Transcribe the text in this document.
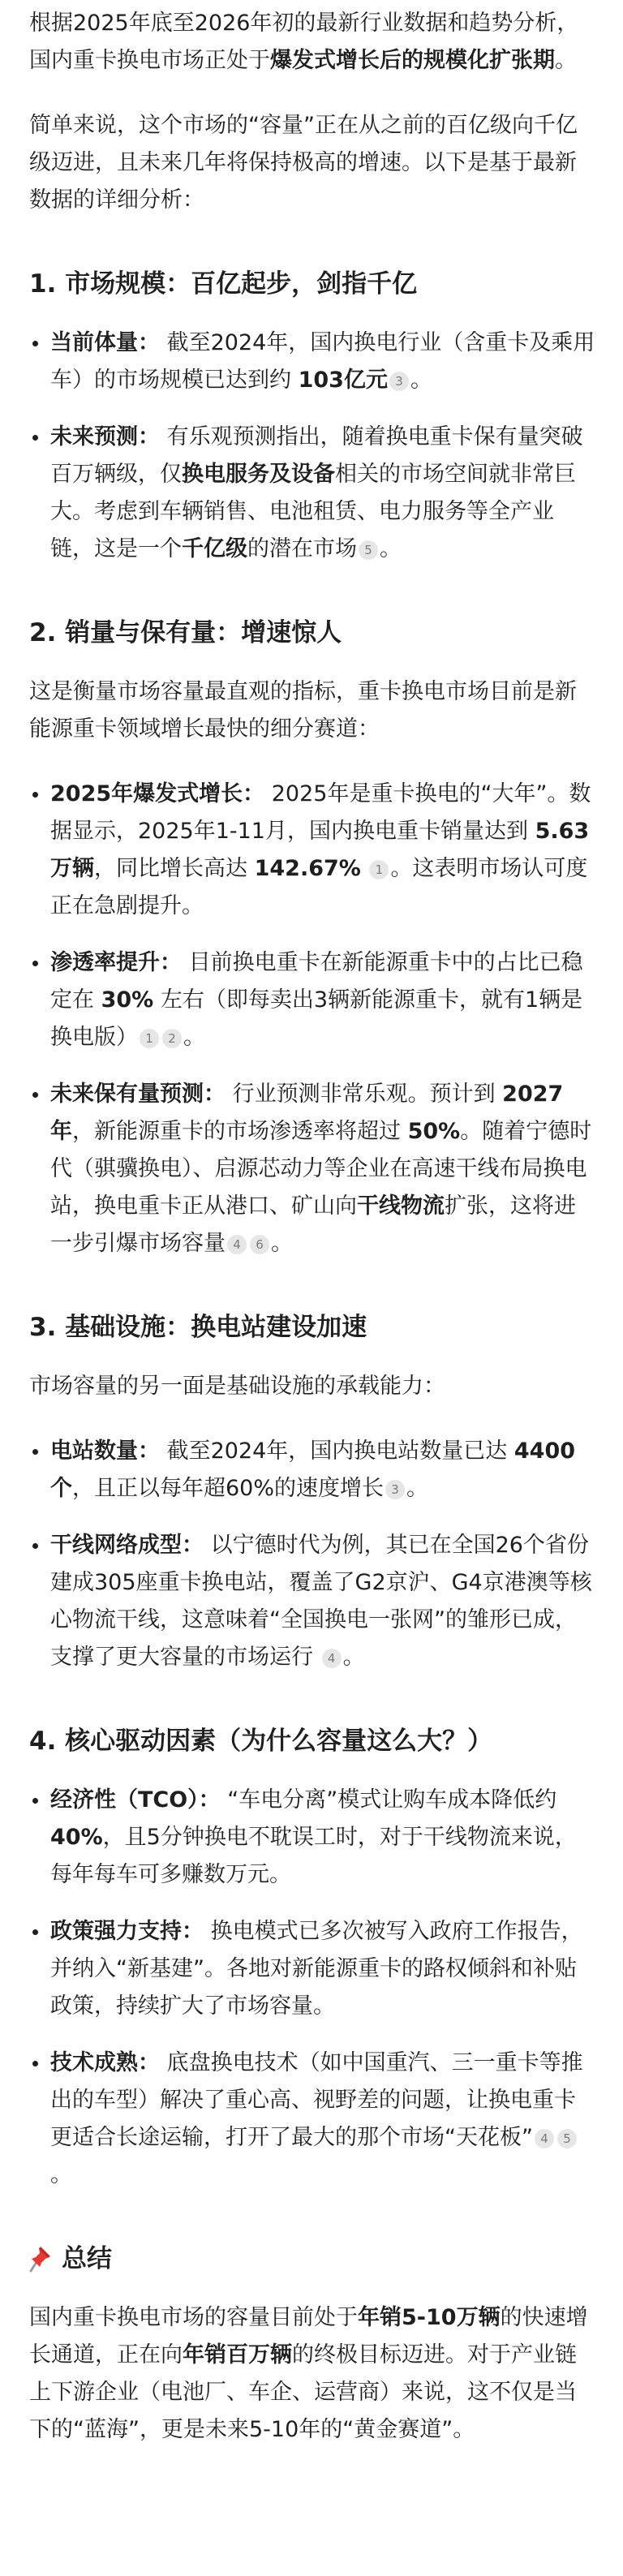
根据2025年底至2026年初的最新行业数据和趋势分析，国内重卡换电市场正处于爆发式增长后的规模化扩张期。

简单来说，这个市场的“容量”正在从之前的百亿级向千亿级迈进，且未来几年将保持极高的增速。以下是基于最新数据的详细分析：

1. 市场规模：百亿起步，剑指千亿
当前体量： 截至2024年，国内换电行业（含重卡及乘用车）的市场规模已达到约 103亿元 3 。
未来预测： 有乐观预测指出，随着换电重卡保有量突破百万辆级，仅换电服务及设备相关的市场空间就非常巨大。考虑到车辆销售、电池租赁、电力服务等全产业链，这是一个千亿级的潜在市场 5 。
2. 销量与保有量：增速惊人

这是衡量市场容量最直观的指标，重卡换电市场目前是新能源重卡领域增长最快的细分赛道：

2025年爆发式增长： 2025年是重卡换电的“大年”。数据显示，2025年1-11月，国内换电重卡销量达到 5.63万辆，同比增长高达 142.67% 1 。这表明市场认可度正在急剧提升。
渗透率提升： 目前换电重卡在新能源重卡中的占比已稳定在 30% 左右（即每卖出3辆新能源重卡，就有1辆是换电版） 1 2 。
未来保有量预测： 行业预测非常乐观。预计到 2027年，新能源重卡的市场渗透率将超过 50%。随着宁德时代（骐骥换电）、启源芯动力等企业在高速干线布局换电站，换电重卡正从港口、矿山向干线物流扩张，这将进一步引爆市场容量 4 6 。
3. 基础设施：换电站建设加速

市场容量的另一面是基础设施的承载能力：

电站数量： 截至2024年，国内换电站数量已达 4400个，且正以每年超60%的速度增长 3 。
干线网络成型： 以宁德时代为例，其已在全国26个省份建成305座重卡换电站，覆盖了G2京沪、G4京港澳等核心物流干线，这意味着“全国换电一张网”的雏形已成，支撑了更大容量的市场运行 4 。
4. 核心驱动因素（为什么容量这么大？）
经济性（TCO）： “车电分离”模式让购车成本降低约 40%，且5分钟换电不耽误工时，对于干线物流来说，每年每车可多赚数万元。
政策强力支持： 换电模式已多次被写入政府工作报告，并纳入“新基建”。各地对新能源重卡的路权倾斜和补贴政策，持续扩大了市场容量。
技术成熟： 底盘换电技术（如中国重汽、三一重卡等推出的车型）解决了重心高、视野差的问题，让换电重卡更适合长途运输，打开了最大的那个市场“天花板” 4 5。
总结

国内重卡换电市场的容量目前处于年销5-10万辆的快速增长通道，正在向年销百万辆的终极目标迈进。对于产业链上下游企业（电池厂、车企、运营商）来说，这不仅是当下的“蓝海”，更是未来5-10年的“黄金赛道”。
